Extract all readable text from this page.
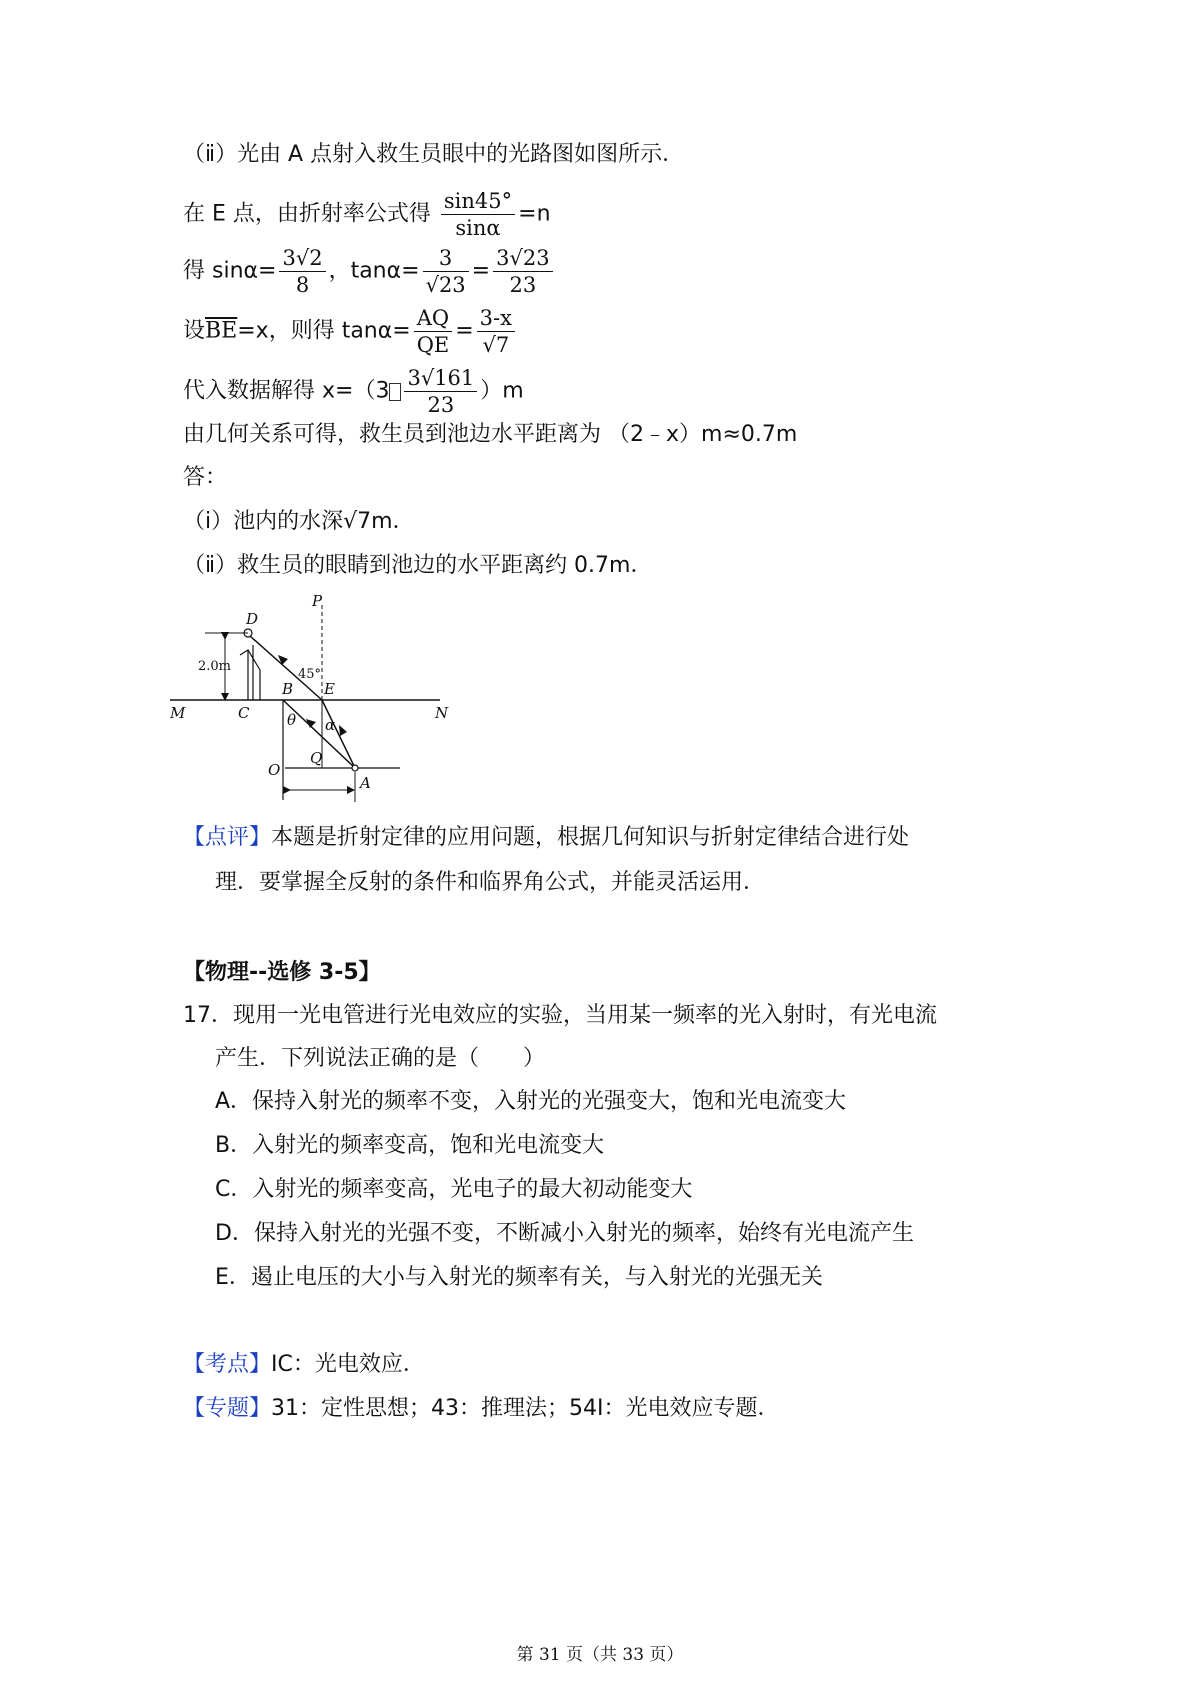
（ⅱ）光由 A 点射入救生员眼中的光路图如图所示．
在 E 点，由折射率公式得 $\frac{\sin 45^\circ}{\sin\alpha} =n$
得 $\sin\alpha= \frac{3√2}{8}$ ，$\tan\alpha= \frac{3}{√23} = \frac{3√23}{23}$
设$\overline{BE}=x$，则得 $\tan\alpha= \frac{AQ}{QE} = \frac{3-x}{√7}$
代入数据解得 $x=(3 \frac{3√161}{23} )m$
由几何关系可得，救生员到池边水平距离为 （2﹣x）m≈0.7m
答：
（ⅰ）池内的水深√7m．
（ⅱ）救生员的眼睛到池边的水平距离约 0.7m．
P
D
2.0m
45°
B E
M	C	N
θ α
Q
O
A
【点评】本题是折射定律的应用问题，根据几何知识与折射定律结合进行处
理．要掌握全反射的条件和临界角公式，并能灵活运用．
【物理--选修 3-5】
17．现用一光电管进行光电效应的实验，当用某一频率的光入射时，有光电流
产生．下列说法正确的是（　　）
A．保持入射光的频率不变，入射光的光强变大，饱和光电流变大
B．入射光的频率变高，饱和光电流变大
C．入射光的频率变高，光电子的最大初动能变大
D．保持入射光的光强不变，不断减小入射光的频率，始终有光电流产生
E．遏止电压的大小与入射光的频率有关，与入射光的光强无关
【考点】IC：光电效应．
【专题】31：定性思想；43：推理法；54I：光电效应专题．
第 31 页（共 33 页）
